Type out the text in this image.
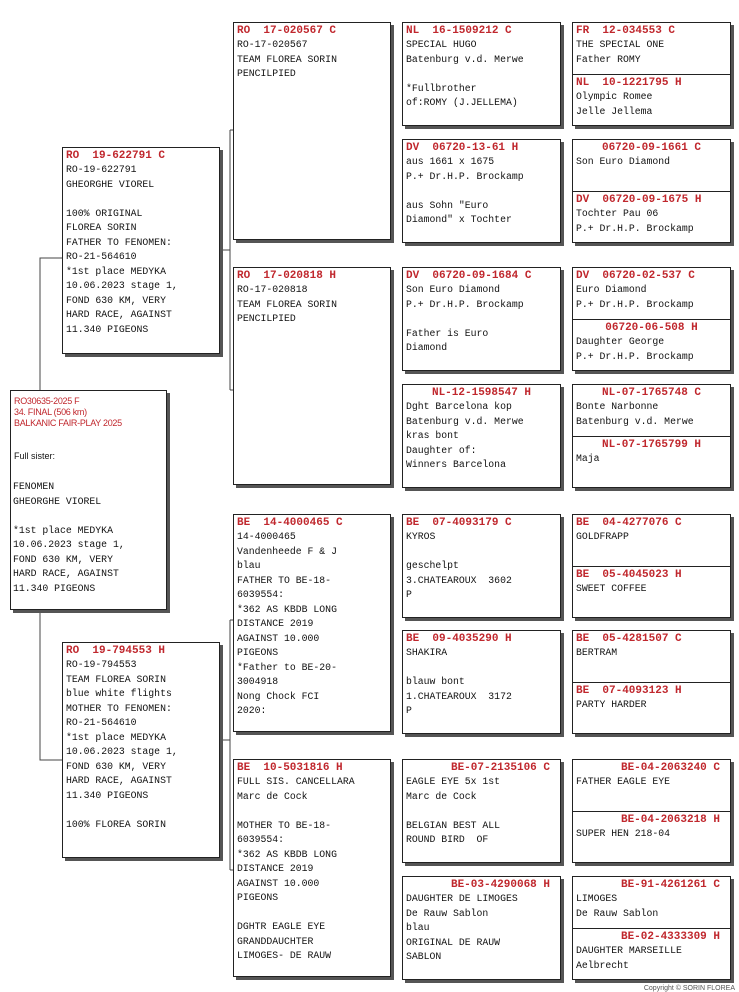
RO30635-2025 F
34. FINAL (506 km)
BALKANIC FAIR-PLAY 2025
Full sister:
FENOMEN
GHEORGHE VIOREL

*1st place MEDYKA
10.06.2023 stage 1,
FOND 630 KM, VERY
HARD RACE, AGAINST
11.340 PIGEONS
RO  19-622791 C
RO-19-622791
GHEORGHE VIOREL

100% ORIGINAL
FLOREA SORIN
FATHER TO FENOMEN:
RO-21-564610
*1st place MEDYKA
10.06.2023 stage 1,
FOND 630 KM, VERY
HARD RACE, AGAINST
11.340 PIGEONS
RO  19-794553 H
RO-19-794553
TEAM FLOREA SORIN
blue white flights
MOTHER TO FENOMEN:
RO-21-564610
*1st place MEDYKA
10.06.2023 stage 1,
FOND 630 KM, VERY
HARD RACE, AGAINST
11.340 PIGEONS

100% FLOREA SORIN
RO  17-020567 C
RO-17-020567
TEAM FLOREA SORIN
PENCILPIED
RO  17-020818 H
RO-17-020818
TEAM FLOREA SORIN
PENCILPIED
BE  14-4000465 C
14-4000465
Vandenheede F & J
blau
FATHER TO BE-18-
6039554:
*362 AS KBDB LONG
DISTANCE 2019
AGAINST 10.000
PIGEONS
*Father to BE-20-
3004918
Nong Chock FCI
2020:
BE  10-5031816 H
FULL SIS. CANCELLARA
Marc de Cock

MOTHER TO BE-18-
6039554:
*362 AS KBDB LONG
DISTANCE 2019
AGAINST 10.000
PIGEONS

DGHTR EAGLE EYE
GRANDDAUCHTER
LIMOGES- DE RAUW
NL  16-1509212 C
SPECIAL HUGO
Batenburg v.d. Merwe

*Fullbrother
of:ROMY (J.JELLEMA)
DV  06720-13-61 H
aus 1661 x 1675
P.+ Dr.H.P. Brockamp

aus Sohn "Euro
Diamond" x Tochter
DV  06720-09-1684 C
Son Euro Diamond
P.+ Dr.H.P. Brockamp

Father is Euro
Diamond
NL-12-1598547 H
Dght Barcelona kop
Batenburg v.d. Merwe
kras bont
Daughter of:
Winners Barcelona
BE  07-4093179 C
KYROS

geschelpt
3.CHATEAROUX  3602
P
BE  09-4035290 H
SHAKIRA

blauw bont
1.CHATEAROUX  3172
P
BE-07-2135106 C
EAGLE EYE 5x 1st
Marc de Cock

BELGIAN BEST ALL
ROUND BIRD  OF
BE-03-4290068 H
DAUGHTER DE LIMOGES
De Rauw Sablon
blau
ORIGINAL DE RAUW
SABLON
FR  12-034553 C
THE SPECIAL ONE
Father ROMY
NL  10-1221795 H
Olympic Romee
Jelle Jellema
06720-09-1661 C
Son Euro Diamond
DV  06720-09-1675 H
Tochter Pau 06
P.+ Dr.H.P. Brockamp
DV  06720-02-537 C
Euro Diamond
P.+ Dr.H.P. Brockamp
06720-06-508 H
Daughter George
P.+ Dr.H.P. Brockamp
NL-07-1765748 C
Bonte Narbonne
Batenburg v.d. Merwe
NL-07-1765799 H
Maja
BE  04-4277076 C
GOLDFRAPP
BE  05-4045023 H
SWEET COFFEE
BE  05-4281507 C
BERTRAM
BE  07-4093123 H
PARTY HARDER
BE-04-2063240 C
FATHER EAGLE EYE
BE-04-2063218 H
SUPER HEN 218-04
BE-91-4261261 C
LIMOGES
De Rauw Sablon
BE-02-4333309 H
DAUGHTER MARSEILLE
Aelbrecht
Copyright © SORIN FLOREA
